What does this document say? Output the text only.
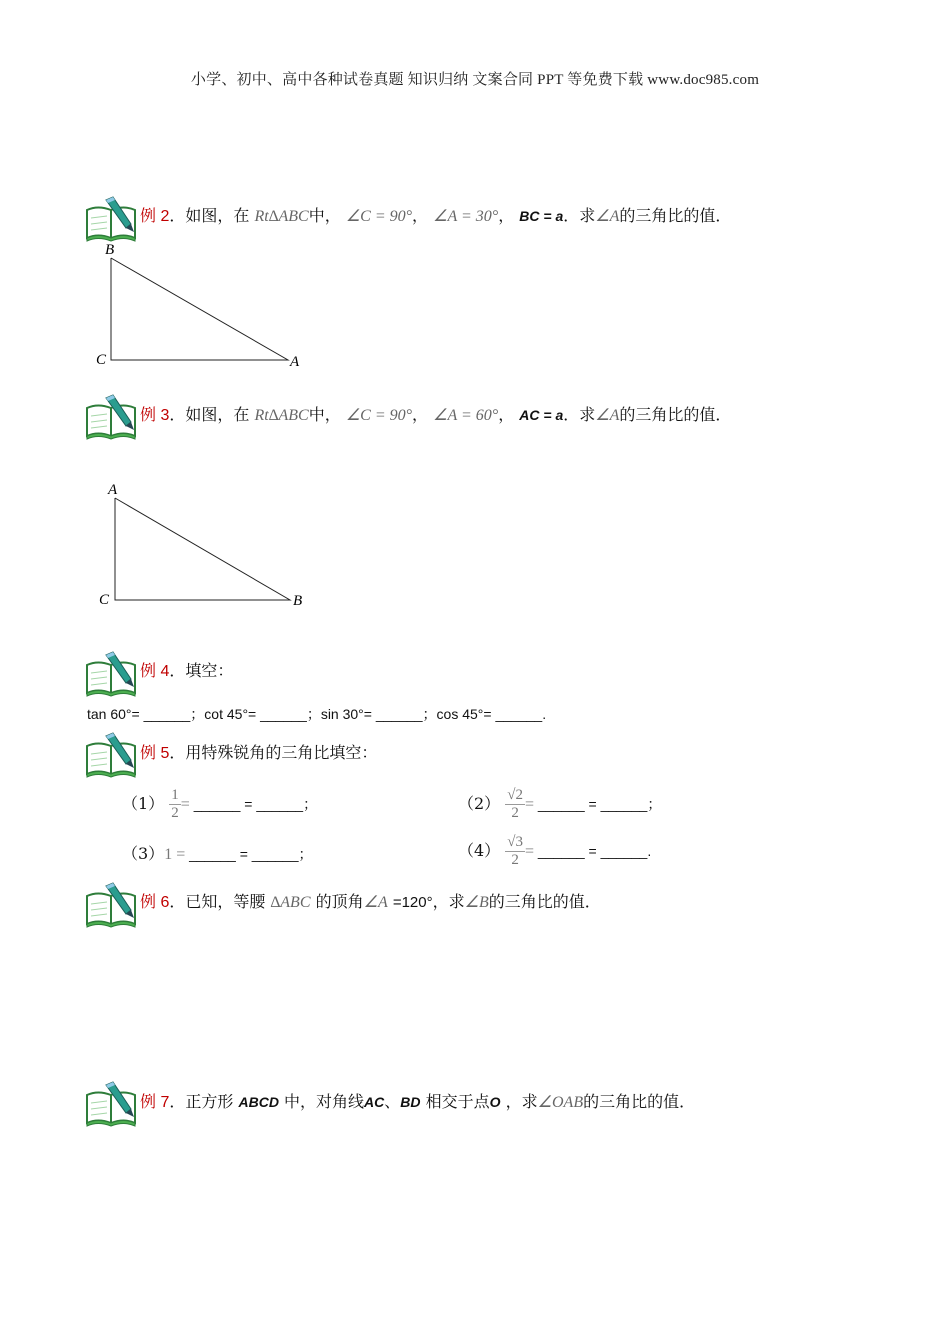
小学、初中、高中各种试卷真题 知识归纳 文案合同 PPT 等免费下载 www.doc985.com
例 2．如图，在 Rt∆ABC中， ∠C = 90°， ∠A = 30°， BC = a．求∠A的三角比的值．
B
C	A
例 3．如图，在 Rt∆ABC中， ∠C = 90°， ∠A = 60°， AC = a．求∠A的三角比的值．
A
C	B
例 4．填空：
tan 60°= ______；cot 45°= ______；sin 30°= ______；cos 45°= ______.
例 5．用特殊锐角的三角比填空：
$(1) \frac{1}{2}$ = ______ = ______；	$(2) \frac{√2}{2}$ = ______ = ______；
（3）1 = ______ = ______；	$(4) \frac{√3}{2}$ = ______ = ______.
例 6．已知，等腰 ∆ABC 的顶角∠A =120°，求∠B的三角比的值．
例 7．正方形 ABCD 中，对角线AC、BD 相交于点O ，求∠OAB的三角比的值．
